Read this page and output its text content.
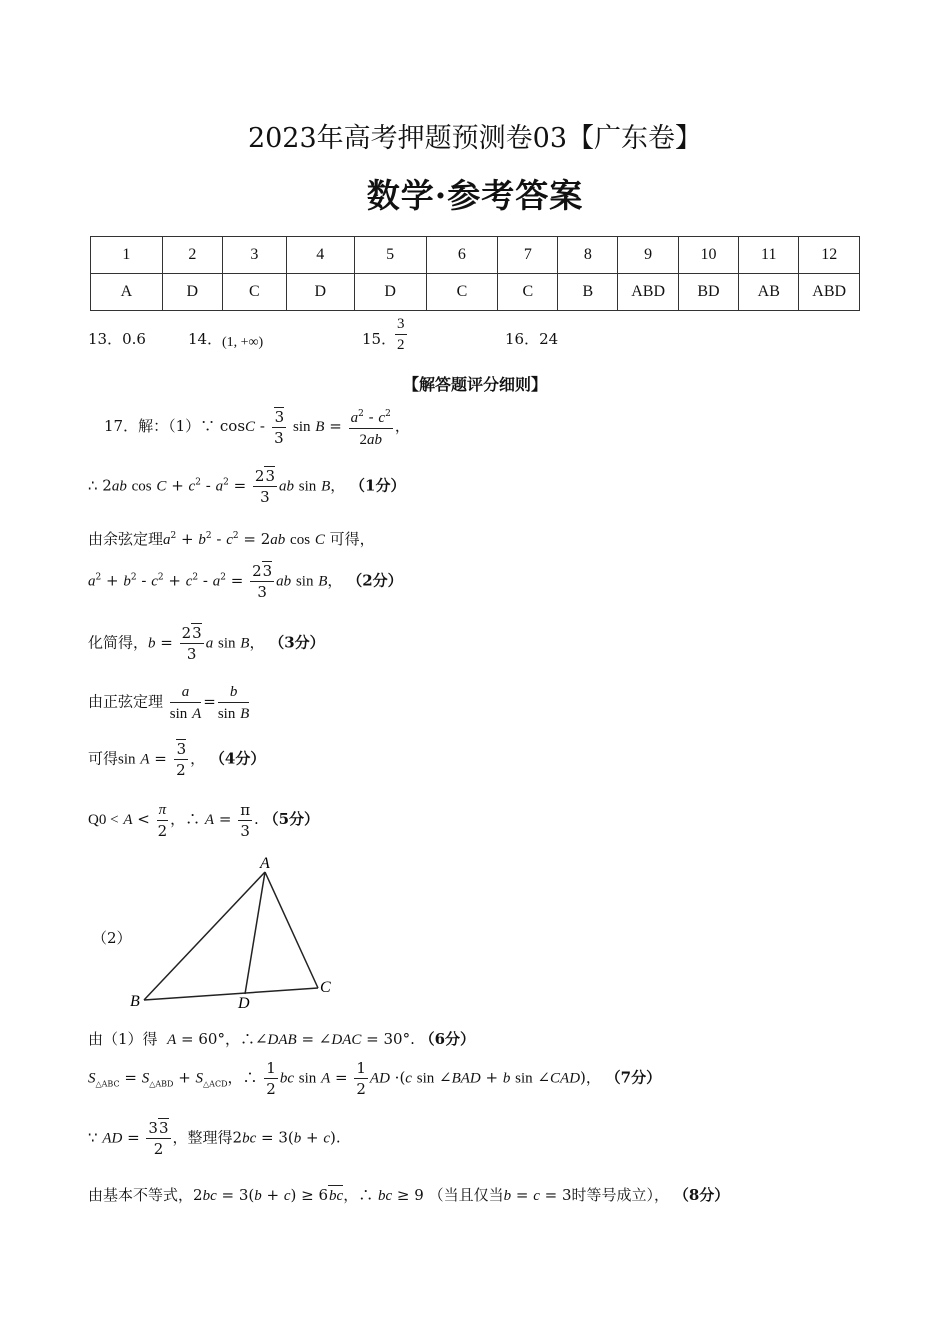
2023年高考押题预测卷03【广东卷】
数学·参考答案
1	2	3	4	5	6	7	8	9	10	11	12
A	D	C	D	D	C	C	B	ABD	BD	AB	ABD
13．0.6	14． (1, +∞)	15．
$\frac{3}{2}$	16．24
【解答题评分细则】
17．解：（1）∵ cosC - $\frac{3}{3}$ $\sin B = \frac{a^2 - c^2}{2ab}$ ，
∴ 2ab $\cos C + c^2 - a^2 = \frac{23}{3}$ ab sin B， （1分）
由余弦定理$a^2 + b^2 - c^2 = 2ab$ cos C 可得，
$a^2 + b^2 - c^2 + c^2 - a^2 = \frac{23}{3}$ ab sin B， （2分）
化简得，$b = \frac{23}{3}$ a sin B， （3分）
由正弦定理 $\frac{a}{\text{sin A}} = \frac{b}{\text{sin B}}$
可得$\sin A = \frac{3}{2}$ ， （4分）
$Q0 < A < \frac{\pi}{2}$ ，∴ $A = \frac{\pi}{3}$ . （5分）
（2）
A
B
C
D
由（1）得 A = 60°，∴∠DAB = ∠DAC = 30°. （6分）
$S_{\triangle ABC} = S_{\triangle ABD} + S_{\triangle ACD}$，∴ $\frac{1}{2}$ bc $\sin A = \frac{1}{2}$ AD ·(c sin ∠BAD + b sin ∠CAD)， （7分）
∵ AD = $\frac{33}{2}$ ，整理得2bc = 3(b + c).
由基本不等式，2bc = 3(b + c) ≥ 6bc，∴ bc ≥ 9 （当且仅当b = c = 3时等号成立）， （8分）
